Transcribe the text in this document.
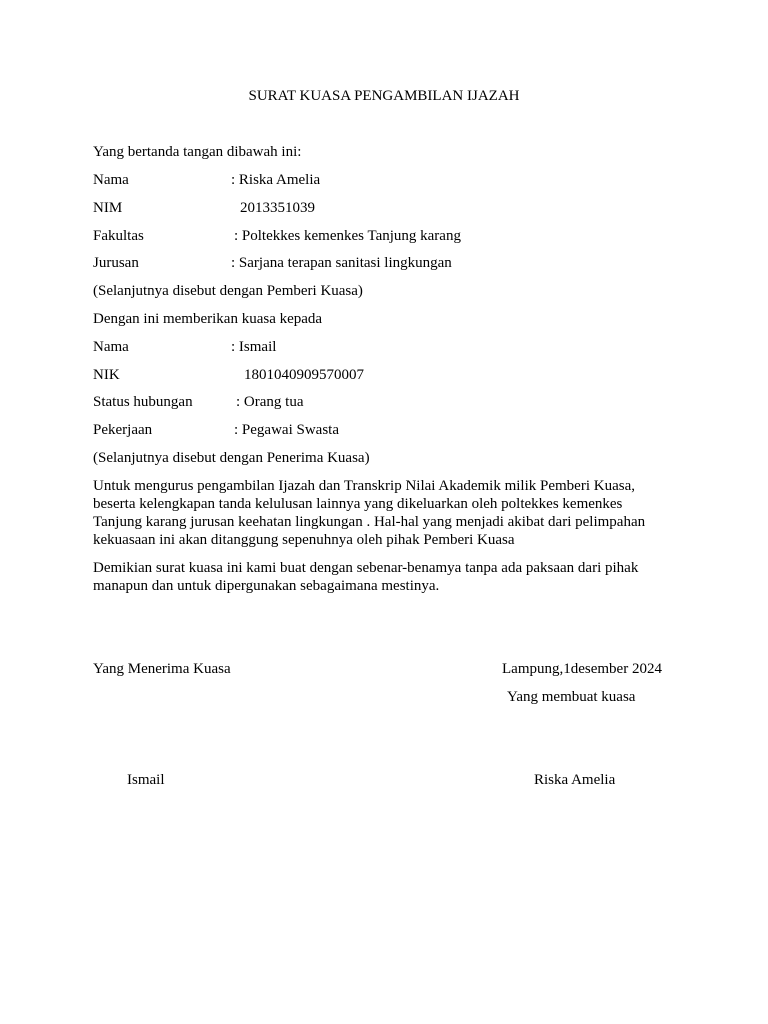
SURAT KUASA PENGAMBILAN IJAZAH
Yang bertanda tangan dibawah ini:
Nama	: Riska Amelia
NIM	2013351039
Fakultas	: Poltekkes kemenkes Tanjung karang
Jurusan	: Sarjana terapan sanitasi lingkungan
(Selanjutnya disebut dengan Pemberi Kuasa)
Dengan ini memberikan kuasa kepada
Nama	: Ismail
NIK	1801040909570007
Status hubungan	: Orang tua
Pekerjaan	: Pegawai Swasta
(Selanjutnya disebut dengan Penerima Kuasa)
Untuk mengurus pengambilan Ijazah dan Transkrip Nilai Akademik milik Pemberi Kuasa,
beserta kelengkapan tanda kelulusan lainnya yang dikeluarkan oleh poltekkes kemenkes
Tanjung karang jurusan keehatan lingkungan . Hal-hal yang menjadi akibat dari pelimpahan
kekuasaan ini akan ditanggung sepenuhnya oleh pihak Pemberi Kuasa
Demikian surat kuasa ini kami buat dengan sebenar-benamya tanpa ada paksaan dari pihak
manapun dan untuk dipergunakan sebagaimana mestinya.
Yang Menerima Kuasa	Lampung,1desember 2024
Yang membuat kuasa
Ismail	Riska Amelia
